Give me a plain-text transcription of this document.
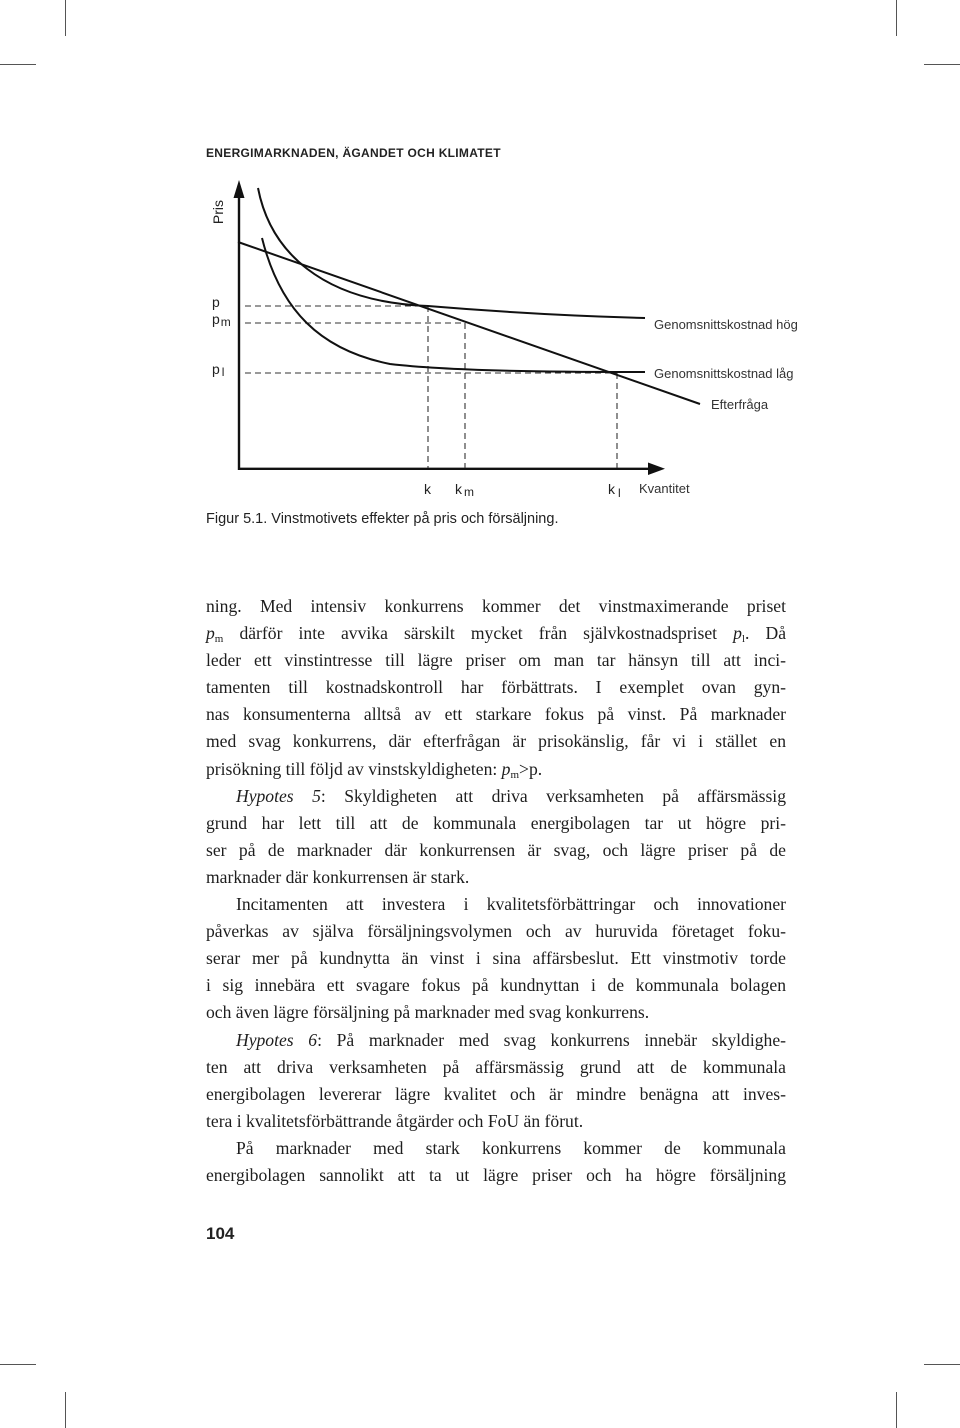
ENERGIMARKNADEN, ÄGANDET OCH KLIMATET
Pris
p
pm
p l
Genomsnittskostnad hög
Genomsnittskostnad låg
Efterfråga
k k m	k l Kvantitet
Figur 5.1. Vinstmotivets effekter på pris och försäljning.
ning. Med intensiv konkurrens kommer det vinstmaximerande priset
$p_m$ därför inte avvika särskilt mycket från självkostnadspriset $p_l$. Då
leder ett vinstintresse till lägre priser om man tar hänsyn till att inci-
tamenten till kostnadskontroll har förbättrats. I exemplet ovan gyn-
nas konsumenterna alltså av ett starkare fokus på vinst. På marknader
med svag konkurrens, där efterfrågan är prisokänslig, får vi i stället en
prisökning till följd av vinstskyldigheten: $p_m>p$.
Hypotes 5: Skyldigheten att driva verksamheten på affärsmässig
grund har lett till att de kommunala energibolagen tar ut högre pri-
ser på de marknader där konkurrensen är svag, och lägre priser på de
marknader där konkurrensen är stark.
Incitamenten att investera i kvalitetsförbättringar och innovationer
påverkas av själva försäljningsvolymen och av huruvida företaget foku-
serar mer på kundnytta än vinst i sina affärsbeslut. Ett vinstmotiv torde
i sig innebära ett svagare fokus på kundnyttan i de kommunala bolagen
och även lägre försäljning på marknader med svag konkurrens.
Hypotes 6: På marknader med svag konkurrens innebär skyldighe-
ten att driva verksamheten på affärsmässig grund att de kommunala
energibolagen levererar lägre kvalitet och är mindre benägna att inves-
tera i kvalitetsförbättrande åtgärder och FoU än förut.
På marknader med stark konkurrens kommer de kommunala
energibolagen sannolikt att ta ut lägre priser och ha högre försäljning
104
